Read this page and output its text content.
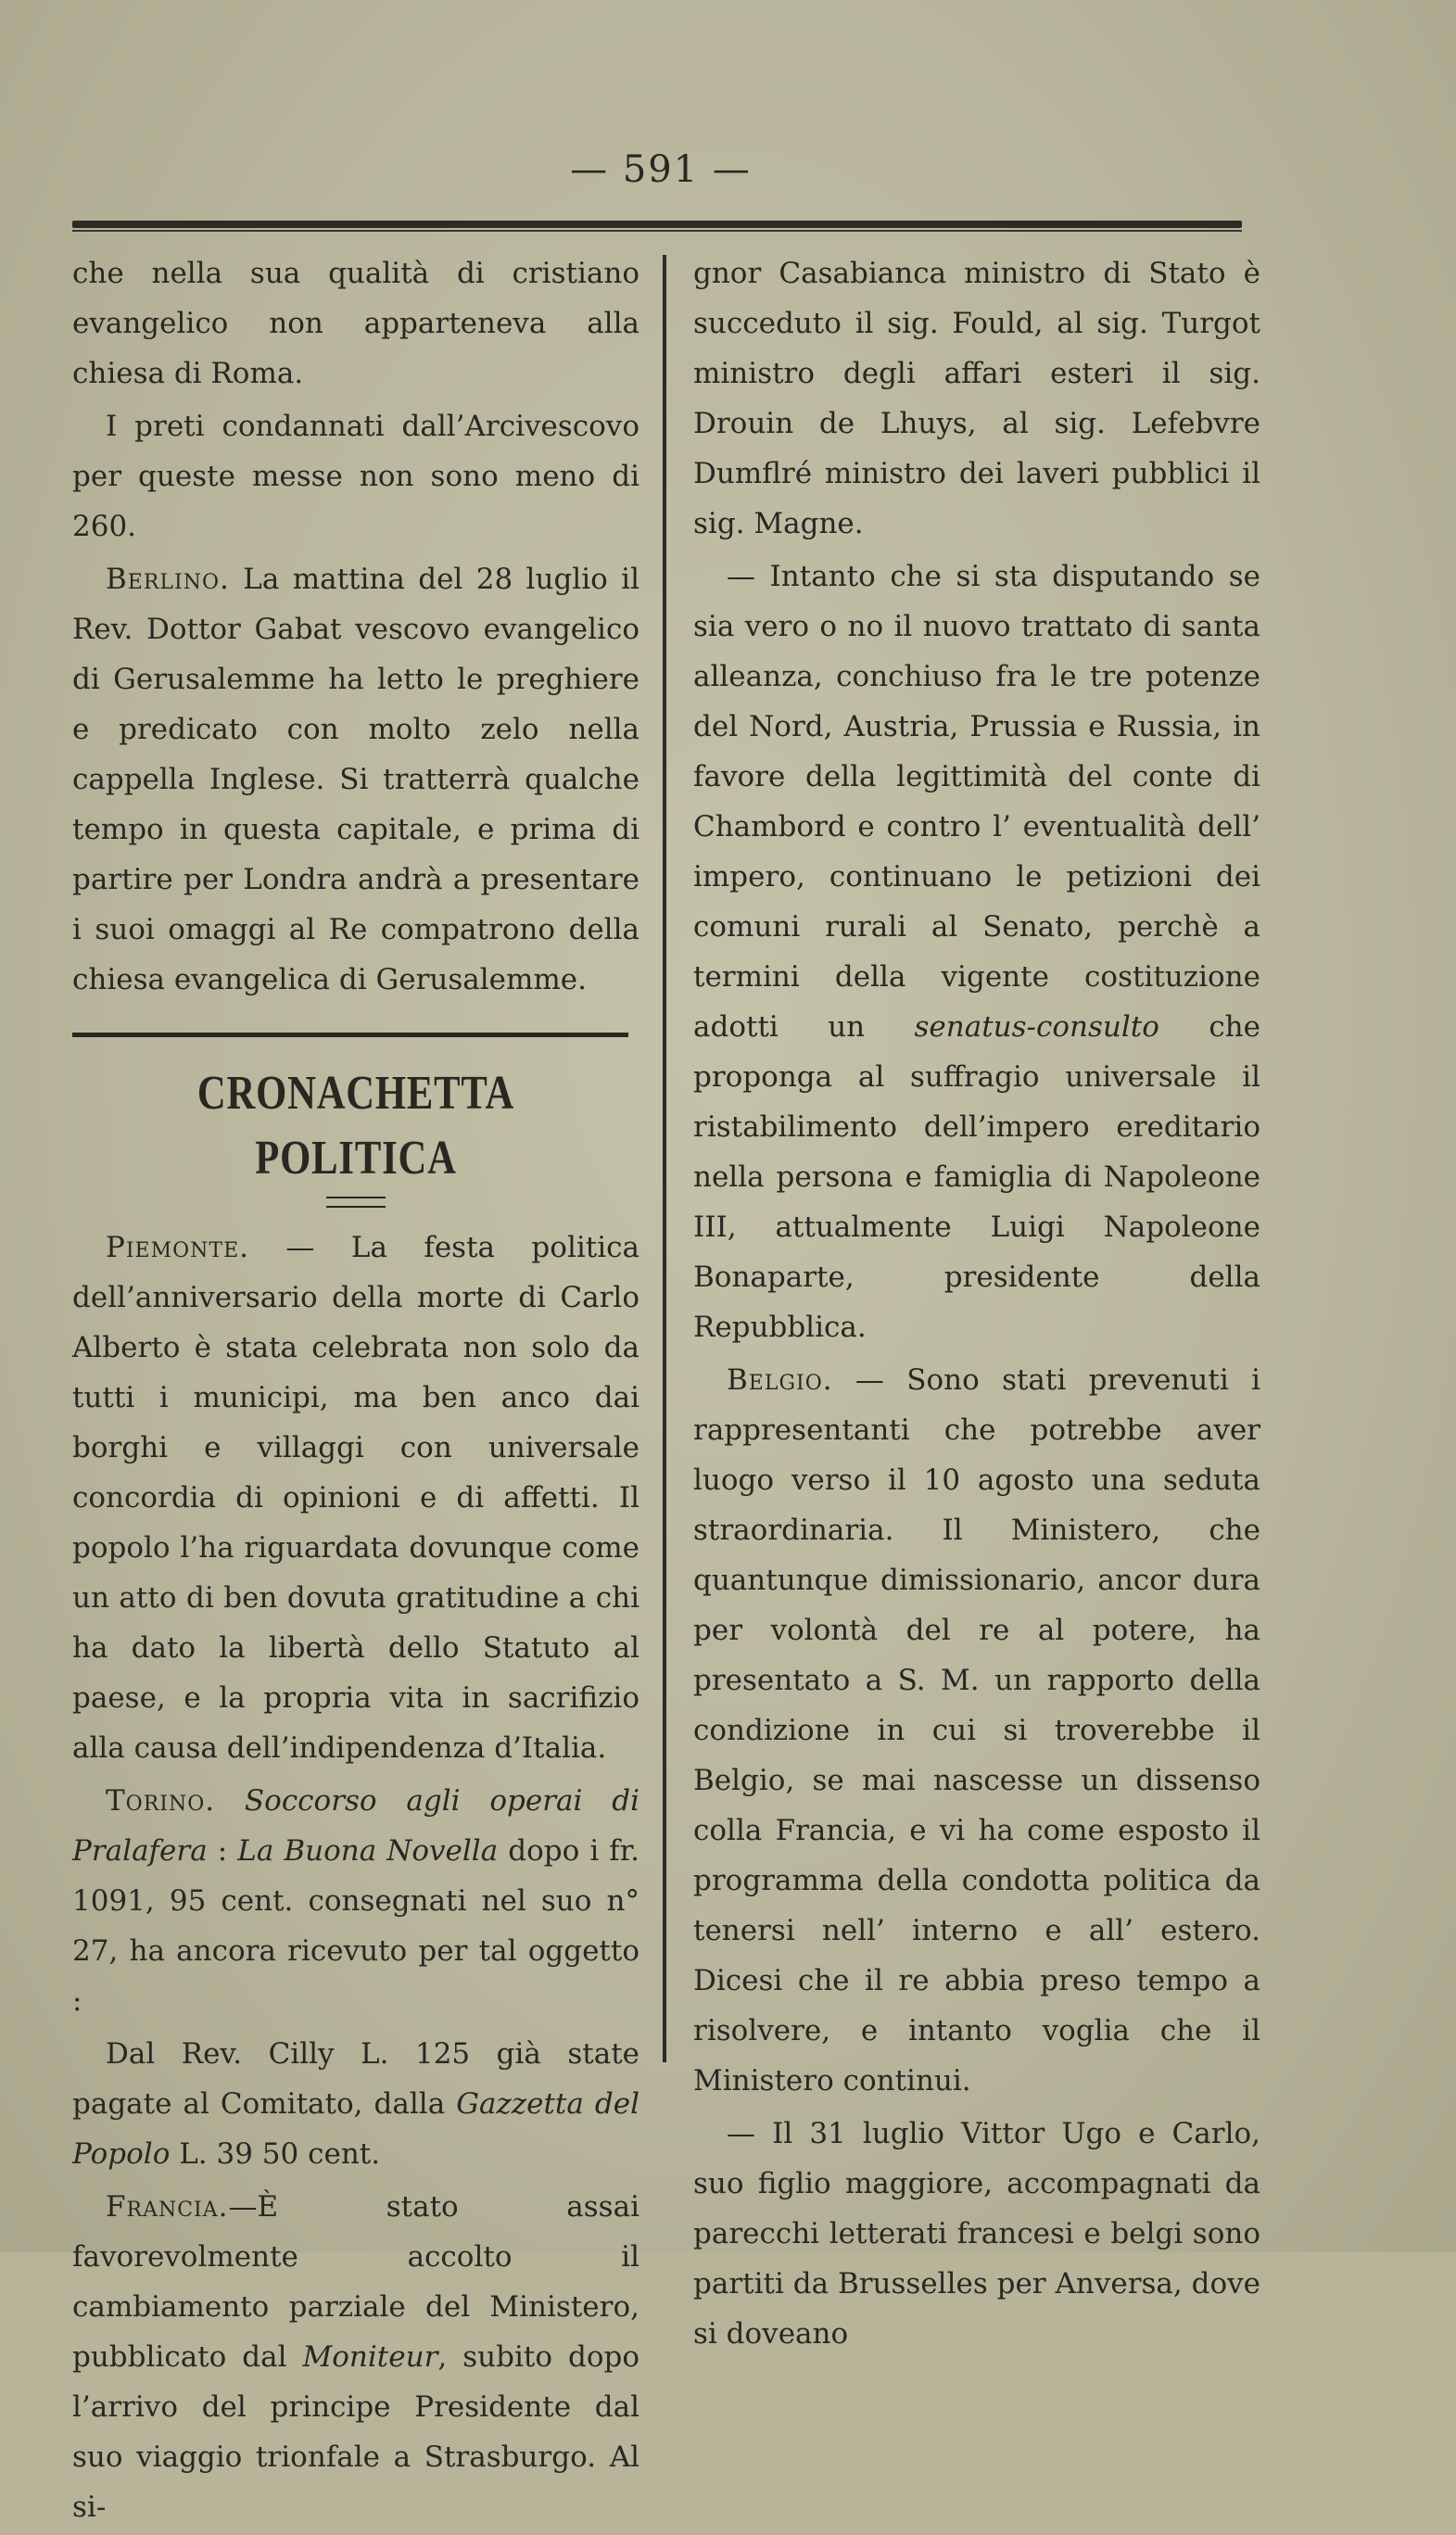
— 591 —

che nella sua qualità di cristiano evangelico non apparteneva alla chiesa di Roma.

I preti condannati dall’Arcivescovo per queste messe non sono meno di 260.

Berlino. La mattina del 28 luglio il Rev. Dottor Gabat vescovo evangelico di Gerusalemme ha letto le preghiere e predicato con molto zelo nella cappella Inglese. Si tratterrà qualche tempo in questa capitale, e prima di partire per Londra andrà a presentare i suoi omaggi al Re compatrono della chiesa evangelica di Gerusalemme.

CRONACHETTA POLITICA

Piemonte. — La festa politica dell’anniversario della morte di Carlo Alberto è stata celebrata non solo da tutti i municipi, ma ben anco dai borghi e villaggi con universale concordia di opinioni e di affetti. Il popolo l’ha riguardata dovunque come un atto di ben dovuta gratitudine a chi ha dato la libertà dello Statuto al paese, e la propria vita in sacrifizio alla causa dell’indipendenza d’Italia.

Torino. Soccorso agli operai di Pralafera : La Buona Novella dopo i fr. 1091, 95 cent. consegnati nel suo n° 27, ha ancora ricevuto per tal oggetto :

Dal Rev. Cilly L. 125 già state pagate al Comitato, dalla Gazzetta del Popolo L. 39 50 cent.

Francia.—È stato assai favorevolmente accolto il cambiamento parziale del Ministero, pubblicato dal Moniteur, subito dopo l’arrivo del principe Presidente dal suo viaggio trionfale a Strasburgo. Al si-

gnor Casabianca ministro di Stato è succeduto il sig. Fould, al sig. Turgot ministro degli affari esteri il sig. Drouin de Lhuys, al sig. Lefebvre Dumflré ministro dei laveri pubblici il sig. Magne.

— Intanto che si sta disputando se sia vero o no il nuovo trattato di santa alleanza, conchiuso fra le tre potenze del Nord, Austria, Prussia e Russia, in favore della legittimità del conte di Chambord e contro l’ eventualità dell’ impero, continuano le petizioni dei comuni rurali al Senato, perchè a termini della vigente costituzione adotti un senatus-consulto che proponga al suffragio universale il ristabilimento dell’impero ereditario nella persona e famiglia di Napoleone III, attualmente Luigi Napoleone Bonaparte, presidente della Repubblica.

Belgio. — Sono stati prevenuti i rappresentanti che potrebbe aver luogo verso il 10 agosto una seduta straordinaria. Il Ministero, che quantunque dimissionario, ancor dura per volontà del re al potere, ha presentato a S. M. un rapporto della condizione in cui si troverebbe il Belgio, se mai nascesse un dissenso colla Francia, e vi ha come esposto il programma della condotta politica da tenersi nell’ interno e all’ estero. Dicesi che il re abbia preso tempo a risolvere, e intanto voglia che il Ministero continui.

— Il 31 luglio Vittor Ugo e Carlo, suo figlio maggiore, accompagnati da parecchi letterati francesi e belgi sono partiti da Brusselles per Anversa, dove si doveano
